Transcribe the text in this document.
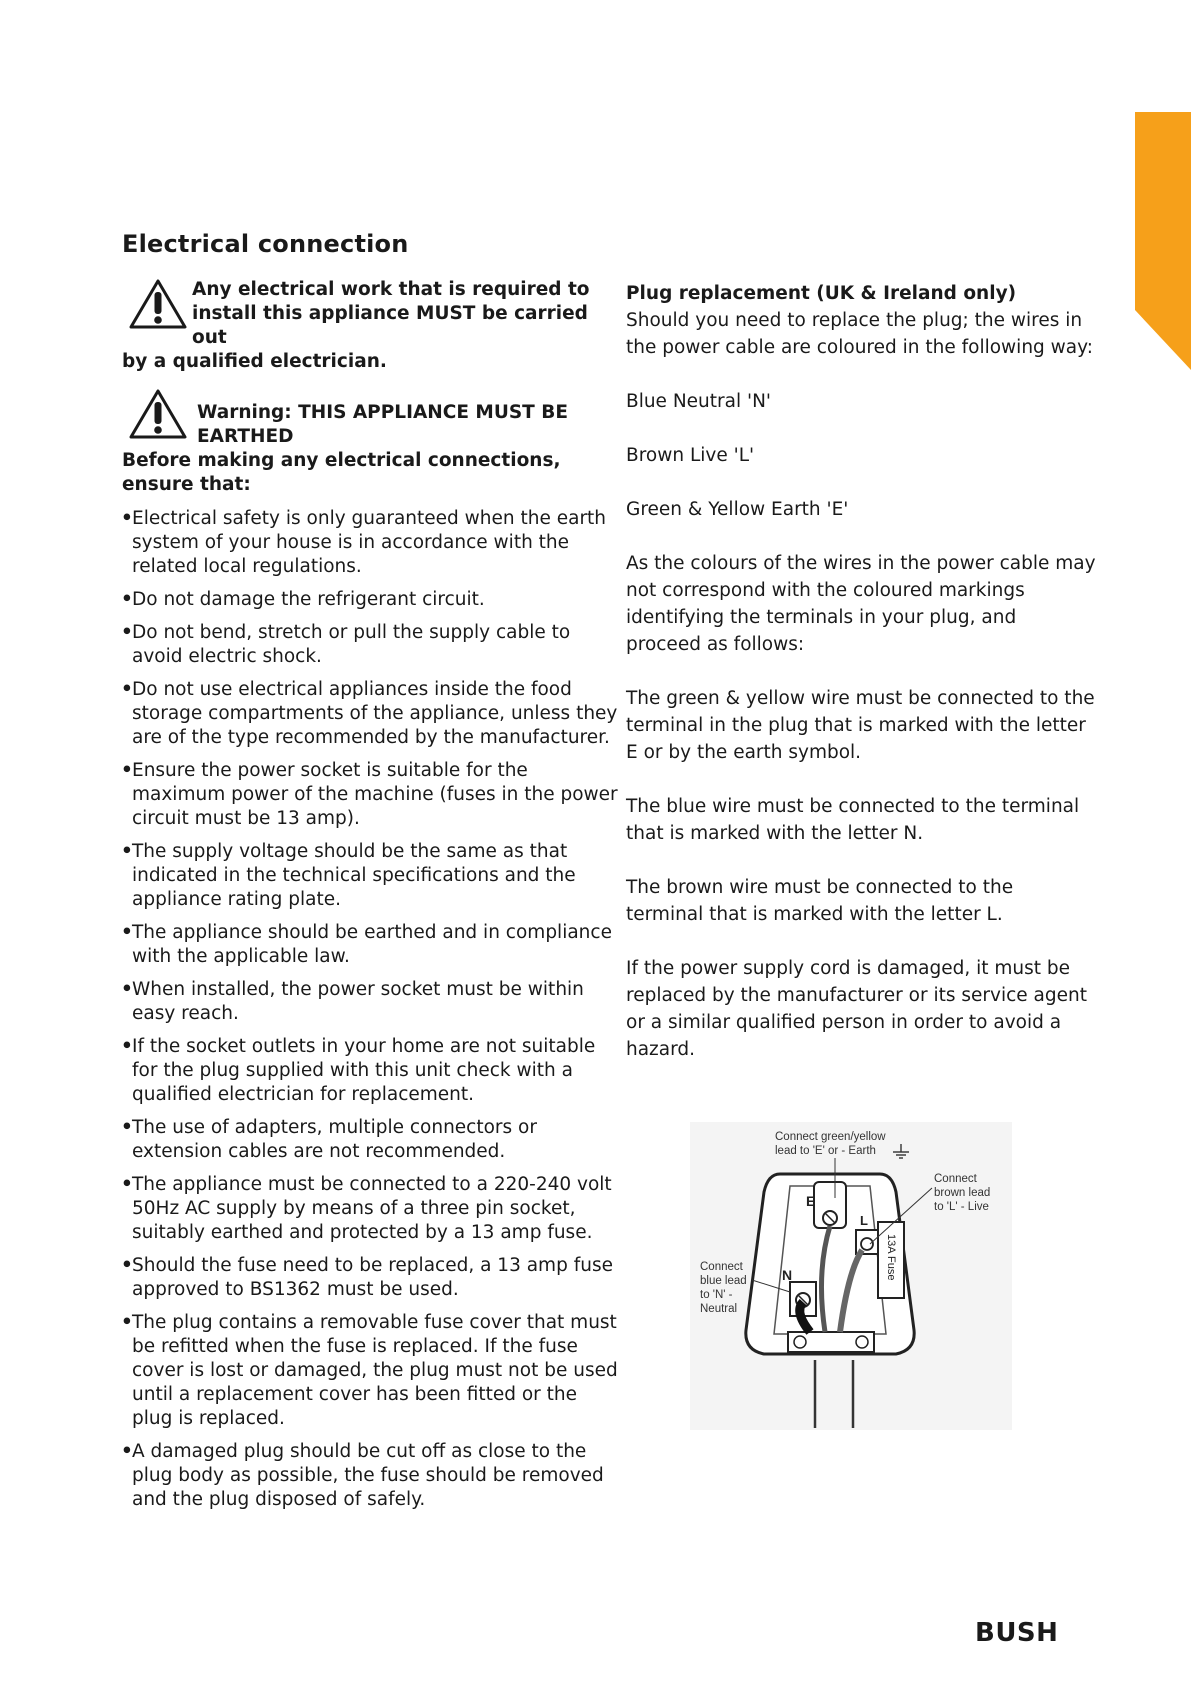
Electrical connection
Any electrical work that is required to
install this appliance MUST be carried out
by a qualified electrician.
Warning: THIS APPLIANCE MUST BE
EARTHED
Before making any electrical connections,
ensure that:
• Electrical safety is only guaranteed when the earth system of your house is in accordance with the related local regulations.
• Do not damage the refrigerant circuit.
• Do not bend, stretch or pull the supply cable to avoid electric shock.
• Do not use electrical appliances inside the food storage compartments of the appliance, unless they are of the type recommended by the manufacturer.
• Ensure the power socket is suitable for the maximum power of the machine (fuses in the power circuit must be 13 amp).
• The supply voltage should be the same as that indicated in the technical specifications and the appliance rating plate.
• The appliance should be earthed and in compliance with the applicable law.
• When installed, the power socket must be within easy reach.
• If the socket outlets in your home are not suitable for the plug supplied with this unit check with a qualified electrician for replacement.
• The use of adapters, multiple connectors or extension cables are not recommended.
• The appliance must be connected to a 220-240 volt 50Hz AC supply by means of a three pin socket, suitably earthed and protected by a 13 amp fuse.
• Should the fuse need to be replaced, a 13 amp fuse approved to BS1362 must be used.
• The plug contains a removable fuse cover that must be refitted when the fuse is replaced. If the fuse cover is lost or damaged, the plug must not be used until a replacement cover has been fitted or the plug is replaced.
• A damaged plug should be cut off as close to the plug body as possible, the fuse should be removed and the plug disposed of safely.

Plug replacement (UK & Ireland only)
Should you need to replace the plug; the wires in the power cable are coloured in the following way:

Blue Neutral 'N'

Brown Live 'L'

Green & Yellow Earth 'E'

As the colours of the wires in the power cable may not correspond with the coloured markings identifying the terminals in your plug, and proceed as follows:

The green & yellow wire must be connected to the terminal in the plug that is marked with the letter E or by the earth symbol.

The blue wire must be connected to the terminal that is marked with the letter N.

The brown wire must be connected to the terminal that is marked with the letter L.

If the power supply cord is damaged, it must be replaced by the manufacturer or its service agent or a similar qualified person in order to avoid a hazard.

E
L
N	13A Fuse
Connect green/yellow
lead to 'E' or - Earth
Connect
brown lead
to 'L' - Live
Connect
blue lead
to 'N' -
Neutral
BUSH
